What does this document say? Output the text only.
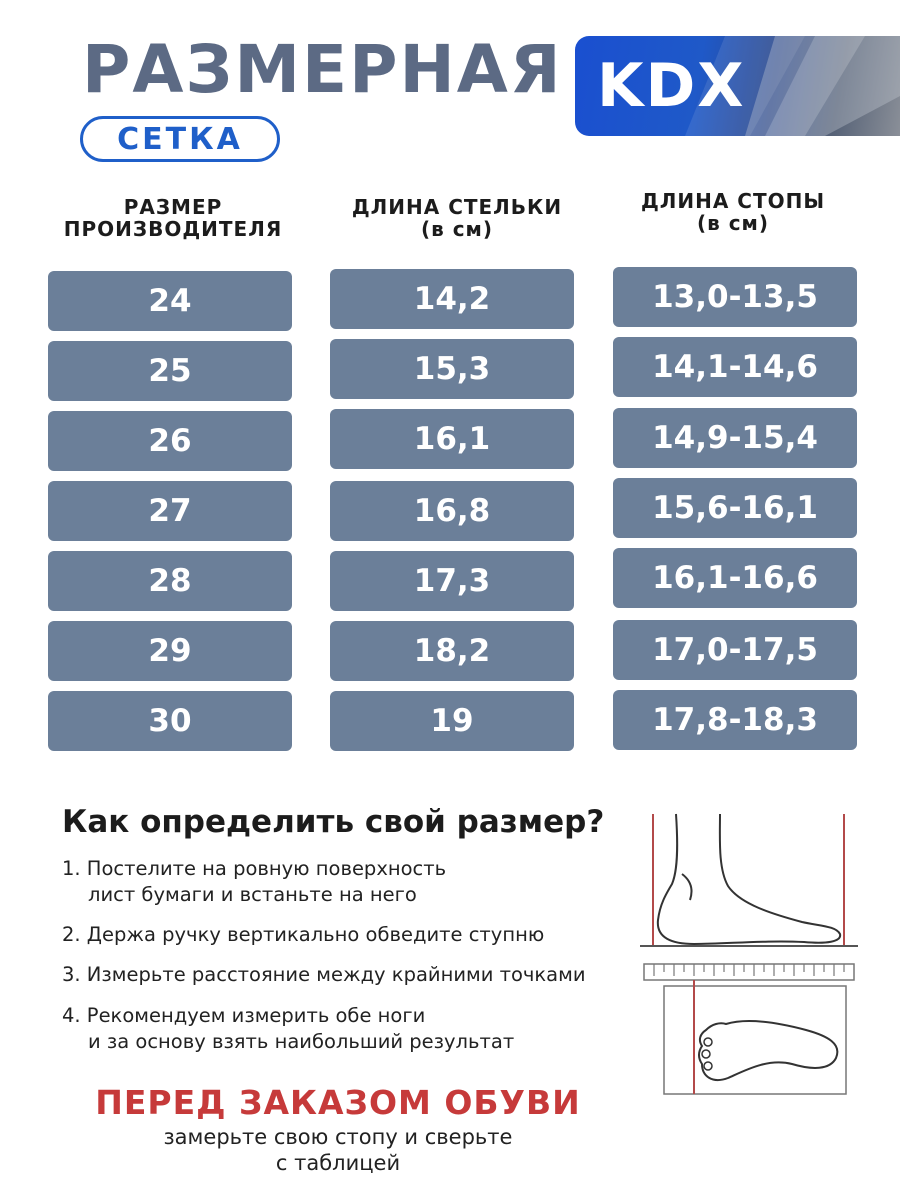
РАЗМЕРНАЯ
СЕТКА
KDX
РАЗМЕР
ПРОИЗВОДИТЕЛЯ
ДЛИНА СТЕЛЬКИ
(в см)
ДЛИНА СТОПЫ
(в см)
24	14,2	13,0-13,5
25	15,3	14,1-14,6
26	16,1	14,9-15,4
27	16,8	15,6-16,1
28	17,3	16,1-16,6
29	18,2	17,0-17,5
30	19	17,8-18,3
Как определить свой размер?
1. Постелите на ровную поверхность
лист бумаги и встаньте на него
2. Держа ручку вертикально обведите ступню
3. Измерьте расстояние между крайними точками
4. Рекомендуем измерить обе ноги
и за основу взять наибольший результат
ПЕРЕД ЗАКАЗОМ ОБУВИ
замерьте свою стопу и сверьте
с таблицей
